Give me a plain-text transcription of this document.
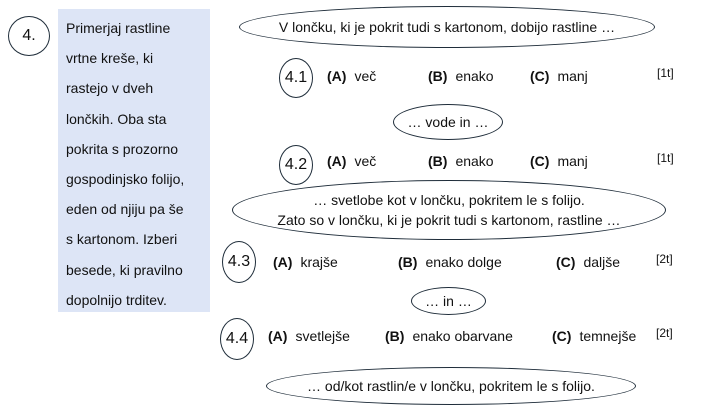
4.	Primerjaj rastline
vrtne kreše, ki
rastejo v dveh
lončkih. Oba sta
pokrita s prozorno
gospodinjsko folijo,
eden od njiju pa še
s kartonom. Izberi
besede, ki pravilno
dopolnijo trditev.
V lončku, ki je pokrit tudi s kartonom, dobijo rastline …
4.1	(A) več	(B) enako	(C) manj	[1t]
… vode in …
4.2	(A) več	(B) enako	(C) manj	[1t]
… svetlobe kot v lončku, pokritem le s folijo.
Zato so v lončku, ki je pokrit tudi s kartonom, rastline …
4.3	(A) krajše	(B) enako dolge	(C) daljše	[2t]
… in …
4.4	(A) svetlejše	(B) enako obarvane	(C) temnejše [2t]
… od/kot rastlin/e v lončku, pokritem le s folijo.
